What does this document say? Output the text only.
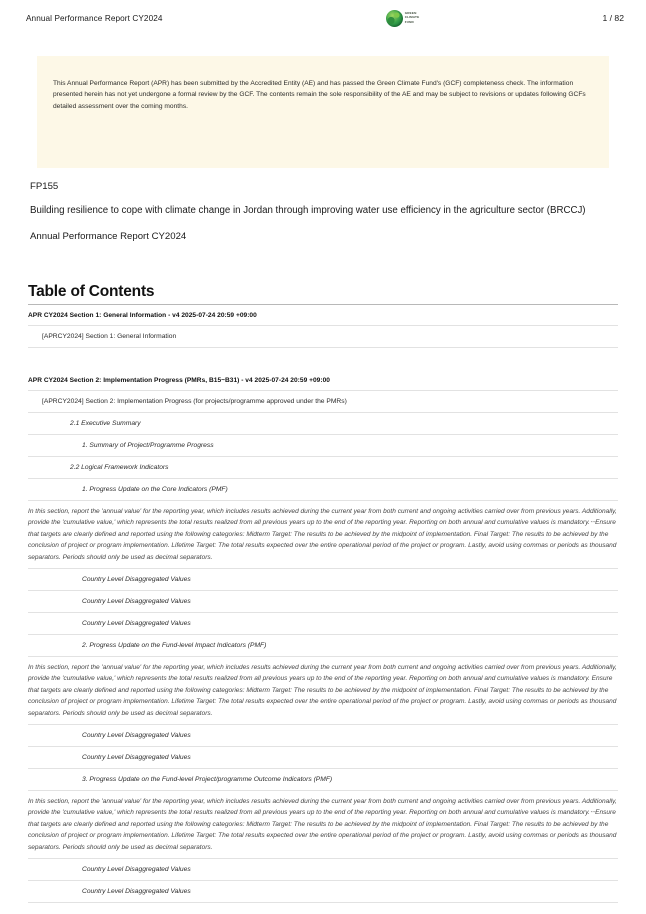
Annual Performance Report CY2024
GREEN
CLIMATE
FUND	1 / 82
This Annual Performance Report (APR) has been submitted by the Accredited Entity (AE) and has passed the Green Climate Fund's (GCF) completeness check. The information presented herein has not yet undergone a formal review by the GCF. The contents remain the sole responsibility of the AE and may be subject to revisions or updates following GCFs detailed assessment over the coming months.
FP155
Building resilience to cope with climate change in Jordan through improving water use efficiency in the agriculture sector (BRCCJ)
Annual Performance Report CY2024
Table of Contents
APR CY2024 Section 1: General Information - v4 2025-07-24 20:59 +09:00
[APRCY2024] Section 1: General Information
APR CY2024 Section 2: Implementation Progress (PMRs, B15~B31) - v4 2025-07-24 20:59 +09:00
[APRCY2024] Section 2: Implementation Progress (for projects/programme approved under the PMRs)
2.1 Executive Summary
1. Summary of Project/Programme Progress
2.2 Logical Framework Indicators
1. Progress Update on the Core Indicators (PMF)
In this section, report the 'annual value' for the reporting year, which includes results achieved during the current year from both current and ongoing activities carried over from previous years. Additionally, provide the 'cumulative value,' which represents the total results realized from all previous years up to the end of the reporting year. Reporting on both annual and cumulative values is mandatory.⸱⸱⸱Ensure that targets are clearly defined and reported using the following categories: Midterm Target: The results to be achieved by the midpoint of implementation. Final Target: The results to be achieved by the conclusion of project or program implementation. Lifetime Target: The total results expected over the entire operational period of the project or program. Lastly, avoid using commas or periods as thousand separators. Periods should only be used as decimal separators.
Country Level Disaggregated Values
Country Level Disaggregated Values
Country Level Disaggregated Values
2. Progress Update on the Fund-level Impact Indicators (PMF)
In this section, report the 'annual value' for the reporting year, which includes results achieved during the current year from both current and ongoing activities carried over from previous years. Additionally, provide the 'cumulative value,' which represents the total results realized from all previous years up to the end of the reporting year. Reporting on both annual and cumulative values is mandatory. Ensure that targets are clearly defined and reported using the following categories: Midterm Target: The results to be achieved by the midpoint of implementation. Final Target: The results to be achieved by the conclusion of project or program implementation. Lifetime Target: The total results expected over the entire operational period of the project or program. Lastly, avoid using commas or periods as thousand separators. Periods should only be used as decimal separators.
Country Level Disaggregated Values
Country Level Disaggregated Values
3. Progress Update on the Fund-level Project/programme Outcome Indicators (PMF)
In this section, report the 'annual value' for the reporting year, which includes results achieved during the current year from both current and ongoing activities carried over from previous years. Additionally, provide the 'cumulative value,' which represents the total results realized from all previous years up to the end of the reporting year. Reporting on both annual and cumulative values is mandatory.⸱⸱⸱Ensure that targets are clearly defined and reported using the following categories: Midterm Target: The results to be achieved by the midpoint of implementation. Final Target: The results to be achieved by the conclusion of project or program implementation. Lifetime Target: The total results expected over the entire operational period of the project or program. Lastly, avoid using commas or periods as thousand separators. Periods should only be used as decimal separators.
Country Level Disaggregated Values
Country Level Disaggregated Values
